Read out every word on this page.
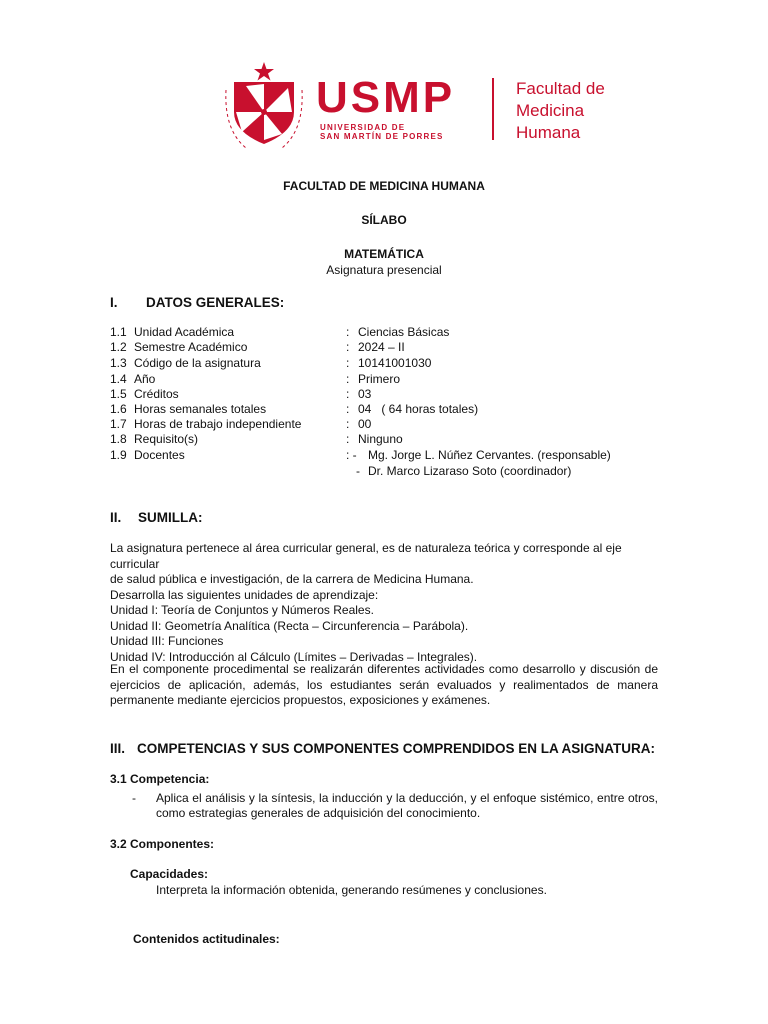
USMP
UNIVERSIDAD DE
SAN MARTÍN DE PORRES
Facultad de
Medicina
Humana
FACULTAD DE MEDICINA HUMANA
SÍLABO
MATEMÁTICA
Asignatura presencial
I. DATOS GENERALES:
1.1 Unidad Académica	: Ciencias Básicas
1.2 Semestre Académico	: 2024 – II
1.3 Código de la asignatura	: 10141001030
1.4 Año	: Primero
1.5 Créditos	: 03
1.6 Horas semanales totales	: 04   ( 64 horas totales)
1.7 Horas de trabajo independiente	: 00
1.8 Requisito(s)	: Ninguno
1.9 Docentes	: - Mg. Jorge L. Núñez Cervantes. (responsable)
- Dr. Marco Lizaraso Soto (coordinador)
II. SUMILLA:
La asignatura pertenece al área curricular general, es de naturaleza teórica y corresponde al eje curricular
de salud pública e investigación, de la carrera de Medicina Humana.
Desarrolla las siguientes unidades de aprendizaje:
Unidad I: Teoría de Conjuntos y Números Reales.
Unidad II: Geometría Analítica (Recta – Circunferencia – Parábola).
Unidad III: Funciones
Unidad IV: Introducción al Cálculo (Límites – Derivadas – Integrales).
En el componente procedimental se realizarán diferentes actividades como desarrollo y discusión de ejercicios de aplicación, además, los estudiantes serán evaluados y realimentados de manera permanente mediante ejercicios propuestos, exposiciones y exámenes.
III. COMPETENCIAS Y SUS COMPONENTES COMPRENDIDOS EN LA ASIGNATURA:
3.1 Competencia:
- Aplica el análisis y la síntesis, la inducción y la deducción, y el enfoque sistémico, entre otros, como estrategias generales de adquisición del conocimiento.
3.2 Componentes:
Capacidades:
Interpreta la información obtenida, generando resúmenes y conclusiones.
Contenidos actitudinales:
